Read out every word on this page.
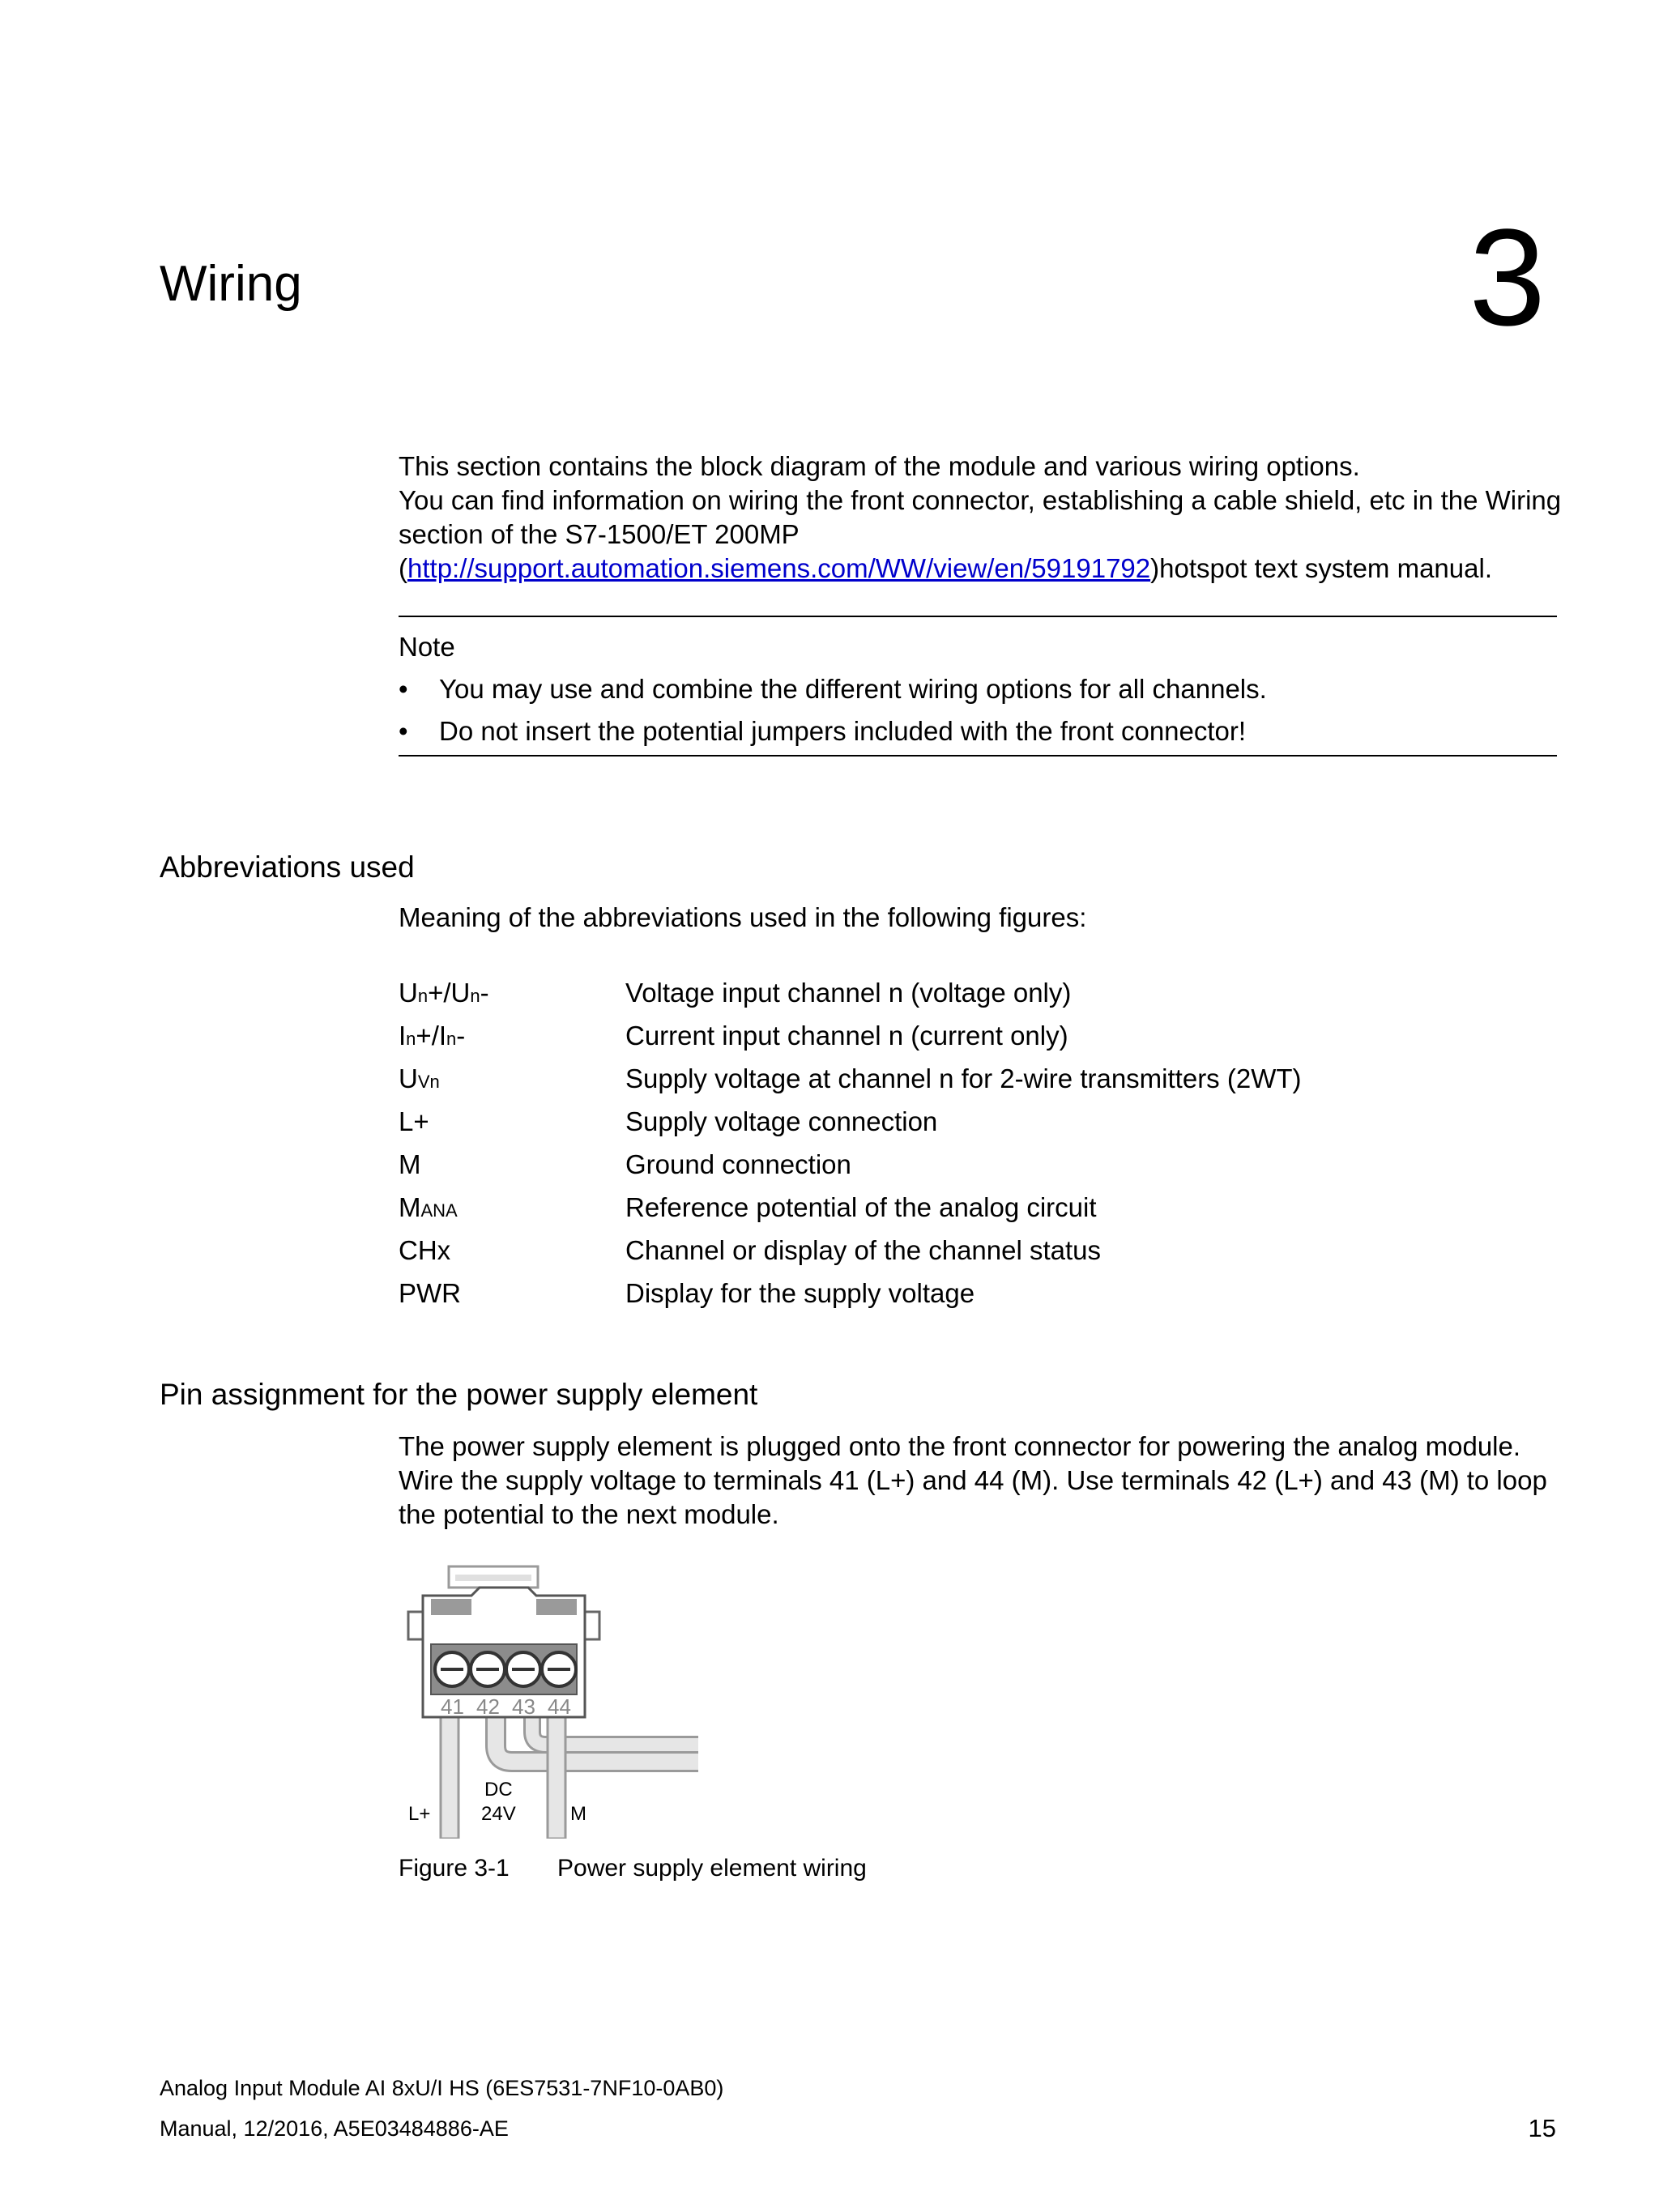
Wiring	3

This section contains the block diagram of the module and various wiring options.

You can find information on wiring the front connector, establishing a cable shield, etc in the Wiring section of the S7-1500/ET 200MP
(http://support.automation.siemens.com/WW/view/en/59191792)hotspot text system manual.

Note
• You may use and combine the different wiring options for all channels.
• Do not insert the potential jumpers included with the front connector!
Abbreviations used
Meaning of the abbreviations used in the following figures:
Un+/Un-	Voltage input channel n (voltage only)
In+/In-	Current input channel n (current only)
UVn	Supply voltage at channel n for 2-wire transmitters (2WT)
L+	Supply voltage connection
M	Ground connection
MANA	Reference potential of the analog circuit
CHx	Channel or display of the channel status
PWR	Display for the supply voltage
Pin assignment for the power supply element
The power supply element is plugged onto the front connector for powering the analog module. Wire the supply voltage to terminals 41 (L+) and 44 (M). Use terminals 42 (L+) and 43 (M) to loop the potential to the next module.
41 42 43 44
L+
DC
24V	M
Figure 3-1 Power supply element wiring
Analog Input Module AI 8xU/I HS (6ES7531-7NF10-0AB0)
Manual, 12/2016, A5E03484886-AE	15
